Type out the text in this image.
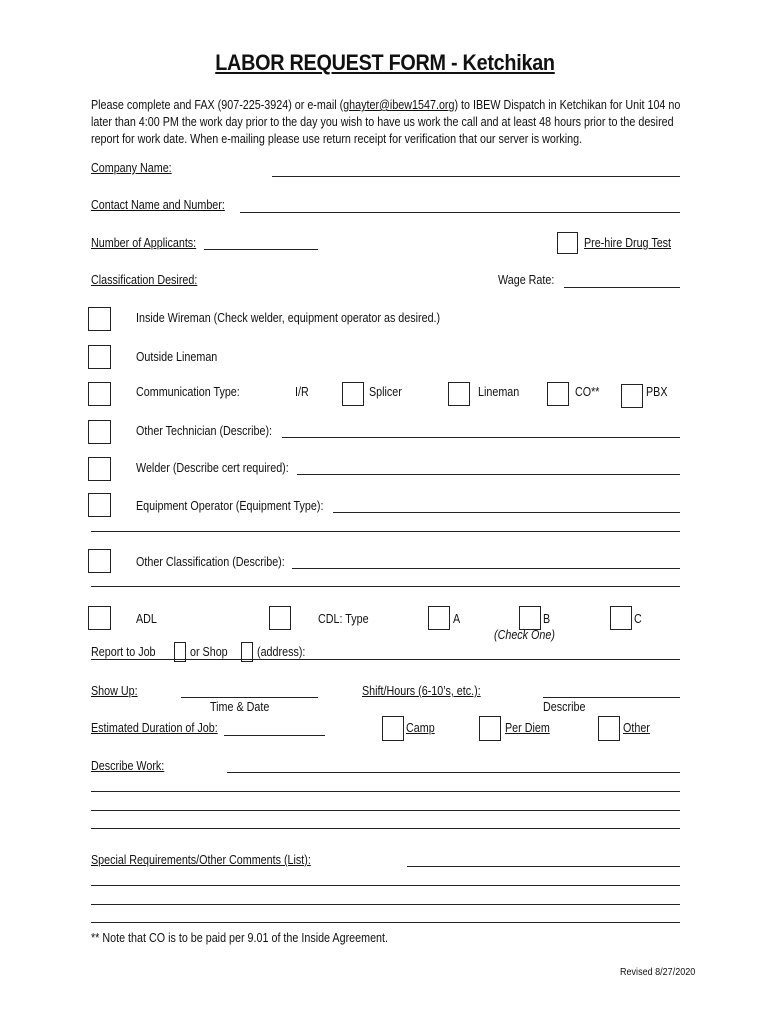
LABOR REQUEST FORM - Ketchikan
Please complete and FAX (907-225-3924) or e-mail (ghayter@ibew1547.org) to IBEW Dispatch in Ketchikan for Unit 104 no later than 4:00 PM the work day prior to the day you wish to have us work the call and at least 48 hours prior to the desired report for work date. When e-mailing please use return receipt for verification that our server is working.
Company Name:
Contact Name and Number:
Number of Applicants:	Pre-hire Drug Test
Classification Desired:	Wage Rate:
Inside Wireman (Check welder, equipment operator as desired.)
Outside Lineman
Communication Type:	I/R	Splicer	Lineman	CO**	PBX
Other Technician (Describe):
Welder (Describe cert required):
Equipment Operator (Equipment Type):
Other Classification (Describe):
ADL	CDL: Type	A	B	C
(Check One)
Report to Job	or Shop (address):
Show Up:
Time & Date
Shift/Hours (6-10’s, etc.):
Describe
Estimated Duration of Job:	Camp	Per Diem	Other
Describe Work:
Special Requirements/Other Comments (List):
** Note that CO is to be paid per 9.01 of the Inside Agreement.
Revised 8/27/2020
